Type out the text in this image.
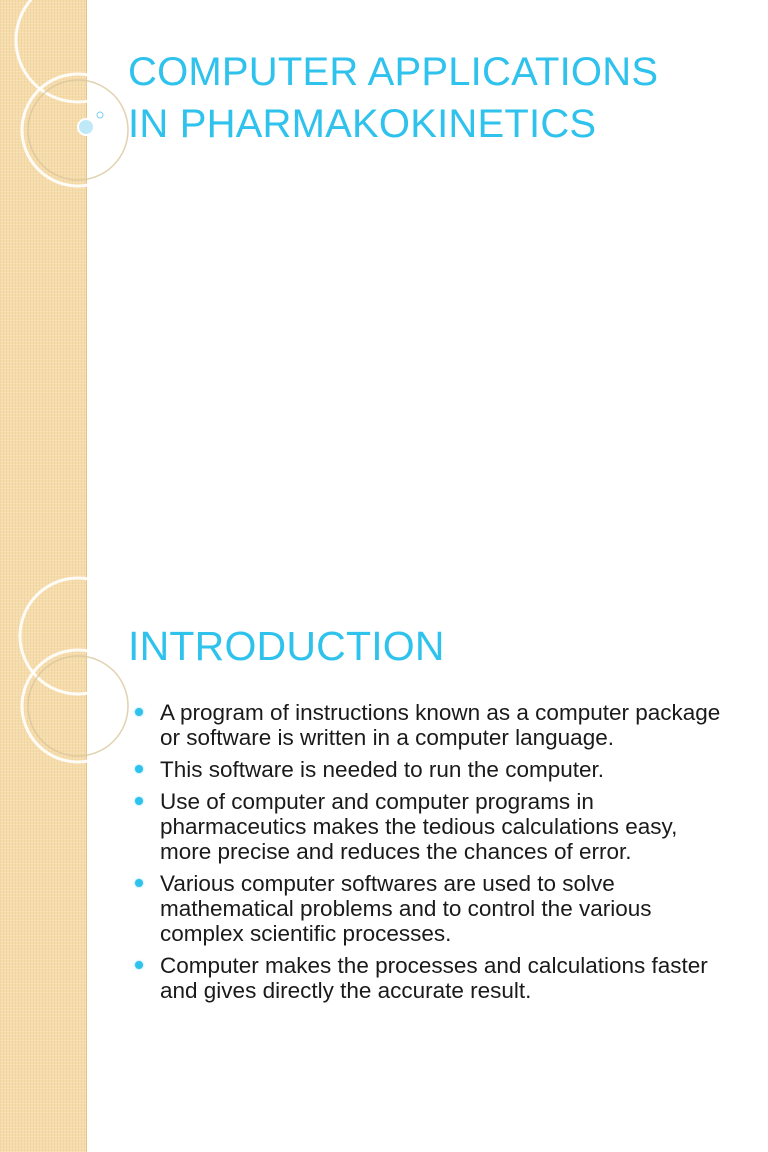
COMPUTER APPLICATIONS
IN PHARMAKOKINETICS
INTRODUCTION
A program of instructions known as a computer package or software is written in a computer language.
This software is needed to run the computer.
Use of computer and computer programs in pharmaceutics makes the tedious calculations easy, more precise and reduces the chances of error.
Various computer softwares are used to solve mathematical problems and to control the various complex scientific processes.
Computer makes the processes and calculations faster and gives directly the accurate result.
